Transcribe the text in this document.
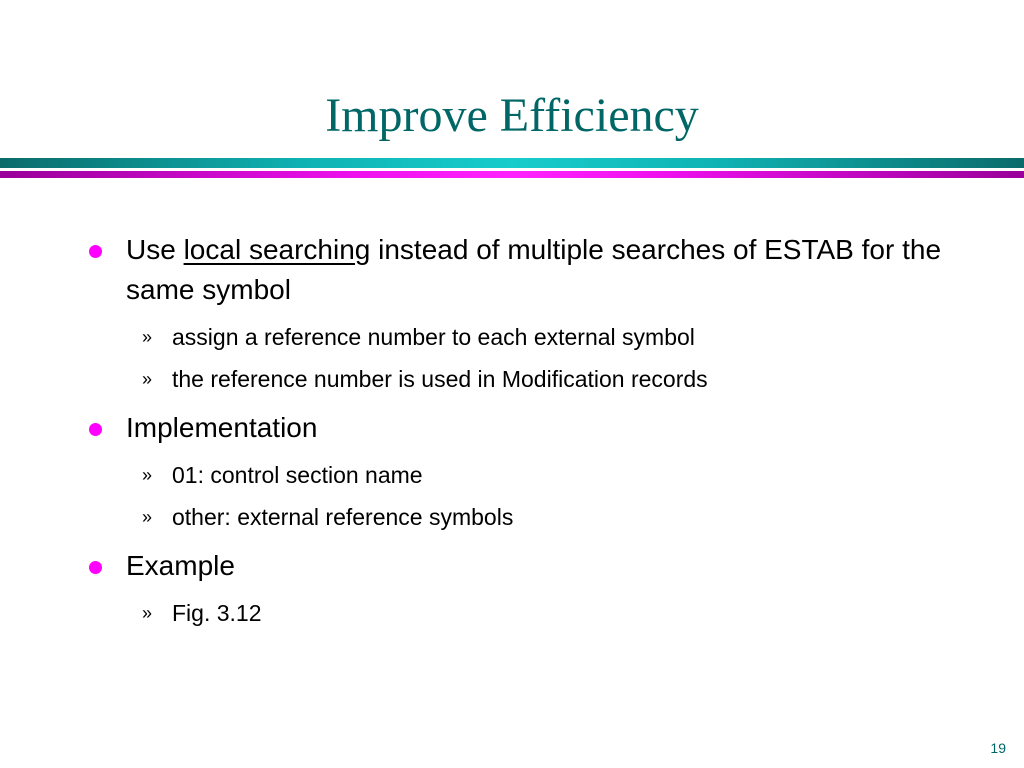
Improve Efficiency
Use local searching instead of multiple searches of ESTAB for the same symbol
» assign a reference number to each external symbol
» the reference number is used in Modification records
Implementation
» 01: control section name
» other: external reference symbols
Example
» Fig. 3.12
19
